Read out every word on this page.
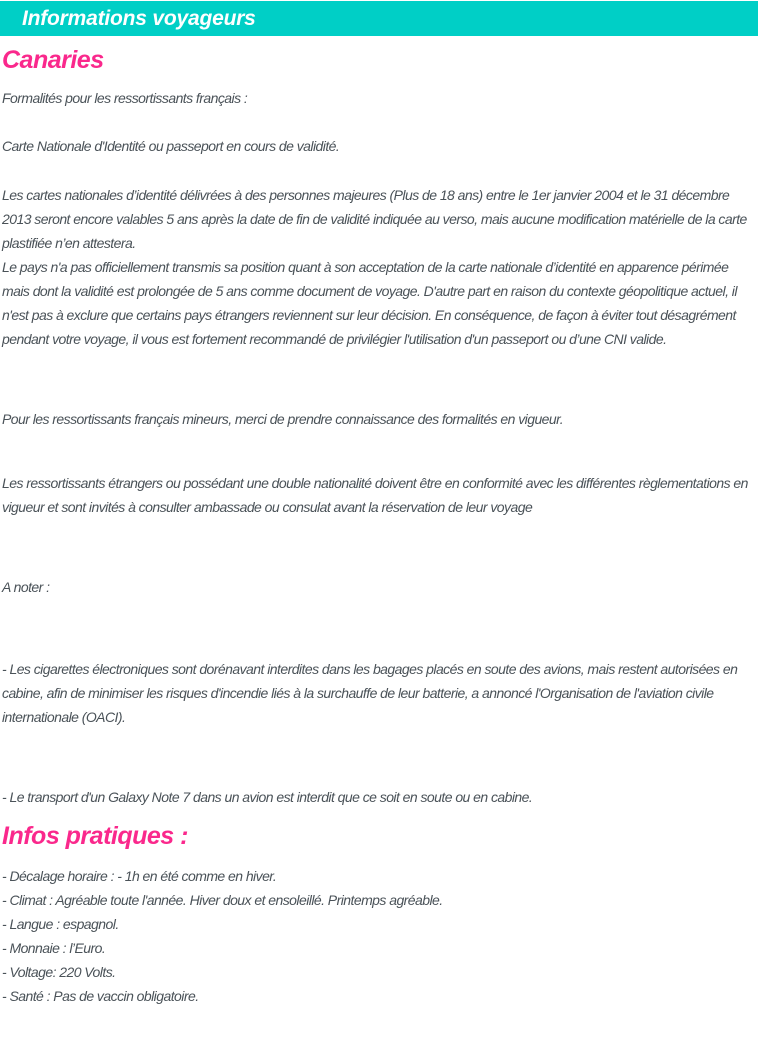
Informations voyageurs
Canaries

Formalités pour les ressortissants français :

Carte Nationale d'Identité ou passeport en cours de validité.

Les cartes nationales d’identité délivrées à des personnes majeures (Plus de 18 ans) entre le 1er janvier 2004 et le 31 décembre 2013 seront encore valables 5 ans après la date de fin de validité indiquée au verso, mais aucune modification matérielle de la carte plastifiée n’en attestera.

Le pays n'a pas officiellement transmis sa position quant à son acceptation de la carte nationale d’identité en apparence périmée mais dont la validité est prolongée de 5 ans comme document de voyage. D'autre part en raison du contexte géopolitique actuel, il n'est pas à exclure que certains pays étrangers reviennent sur leur décision. En conséquence, de façon à éviter tout désagrément pendant votre voyage, il vous est fortement recommandé de privilégier l'utilisation d'un passeport ou d’une CNI valide.

Pour les ressortissants français mineurs, merci de prendre connaissance des formalités en vigueur.

Les ressortissants étrangers ou possédant une double nationalité doivent être en conformité avec les différentes règlementations en vigueur et sont invités à consulter ambassade ou consulat avant la réservation de leur voyage

A noter :

- Les cigarettes électroniques sont dorénavant interdites dans les bagages placés en soute des avions, mais restent autorisées en cabine, afin de minimiser les risques d'incendie liés à la surchauffe de leur batterie, a annoncé l'Organisation de l'aviation civile internationale (OACI).

- Le transport d'un Galaxy Note 7 dans un avion est interdit que ce soit en soute ou en cabine.

Infos pratiques :

- Décalage horaire : - 1h en été comme en hiver.

- Climat : Agréable toute l'année. Hiver doux et ensoleillé. Printemps agréable.

- Langue : espagnol.

- Monnaie : l’Euro.

- Voltage: 220 Volts.

- Santé : Pas de vaccin obligatoire.
